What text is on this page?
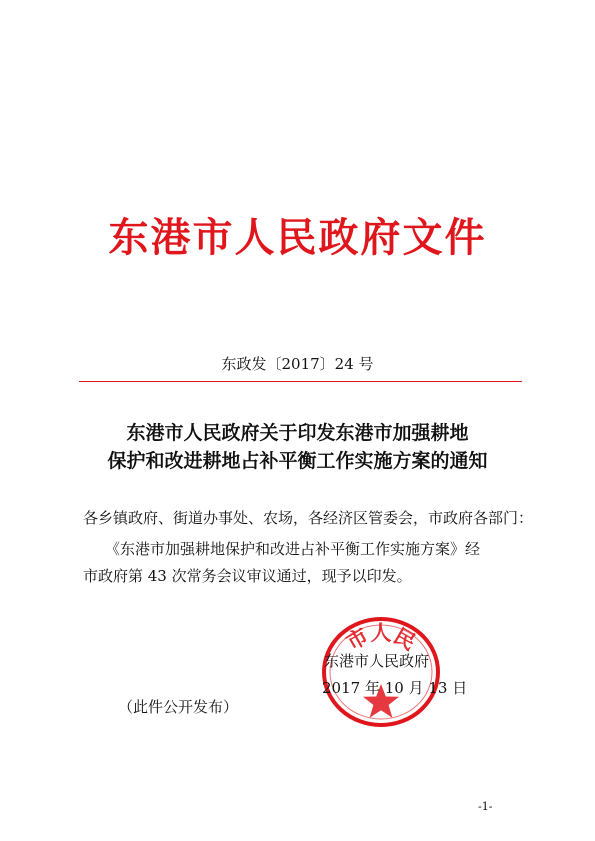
东港市人民政府文件
东政发〔2017〕24 号
东港市人民政府关于印发东港市加强耕地
保护和改进耕地占补平衡工作实施方案的通知
各乡镇政府、街道办事处、农场，各经济区管委会，市政府各部门：
《东港市加强耕地保护和改进占补平衡工作实施方案》经
市政府第 43 次常务会议审议通过，现予以印发。
市人民
东港市人民政府
2017 年 10 月 13 日
（此件公开发布）
-1-
